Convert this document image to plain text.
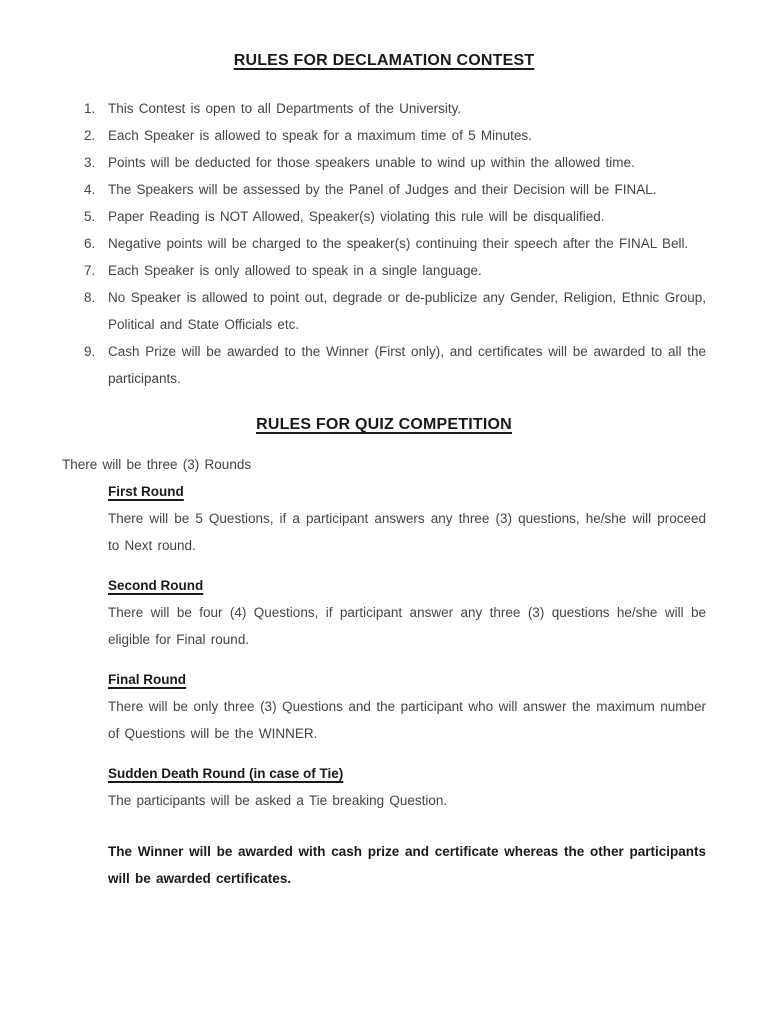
RULES FOR DECLAMATION CONTEST
1. This Contest is open to all Departments of the University.
2. Each Speaker is allowed to speak for a maximum time of 5 Minutes.
3. Points will be deducted for those speakers unable to wind up within the allowed time.
4. The Speakers will be assessed by the Panel of Judges and their Decision will be FINAL.
5. Paper Reading is NOT Allowed, Speaker(s) violating this rule will be disqualified.
6. Negative points will be charged to the speaker(s) continuing their speech after the FINAL Bell.
7. Each Speaker is only allowed to speak in a single language.
8. No Speaker is allowed to point out, degrade or de-publicize any Gender, Religion, Ethnic Group, Political and State Officials etc.
9. Cash Prize will be awarded to the Winner (First only), and certificates will be awarded to all the participants.
RULES FOR QUIZ COMPETITION

There will be three (3) Rounds

First Round

There will be 5 Questions, if a participant answers any three (3) questions, he/she will proceed to Next round.

Second Round

There will be four (4) Questions, if participant answer any three (3) questions he/she will be eligible for Final round.

Final Round

There will be only three (3) Questions and the participant who will answer the maximum number of Questions will be the WINNER.

Sudden Death Round (in case of Tie)

The participants will be asked a Tie breaking Question.

The Winner will be awarded with cash prize and certificate whereas the other participants will be awarded certificates.
